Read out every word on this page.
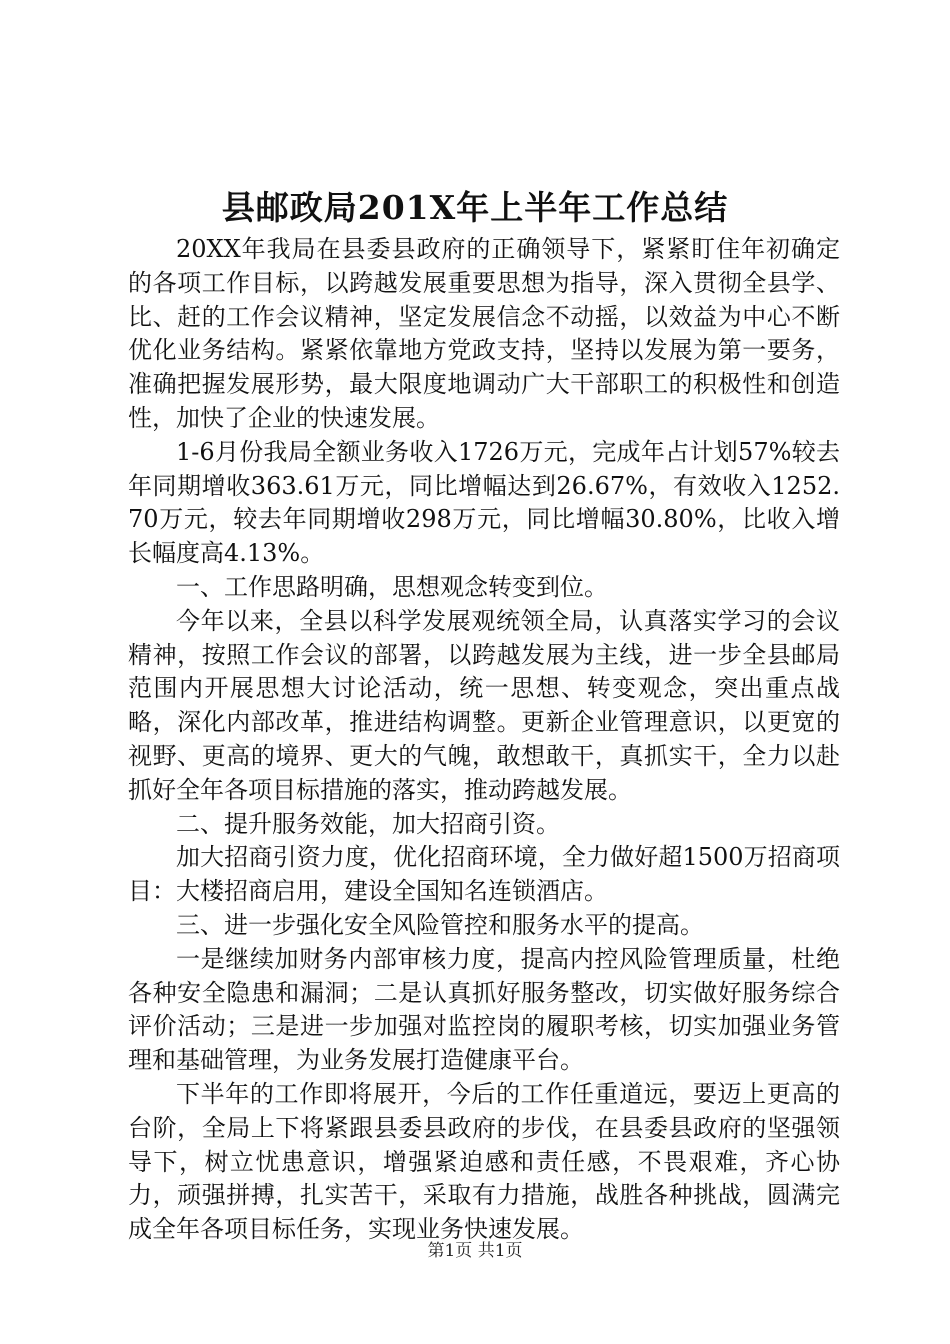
县邮政局201X年上半年工作总结

20XX年我局在县委县政府的正确领导下，紧紧盯住年初确定的各项工作目标，以跨越发展重要思想为指导，深入贯彻全县学、比、赶的工作会议精神，坚定发展信念不动摇，以效益为中心不断优化业务结构。紧紧依靠地方党政支持，坚持以发展为第一要务，准确把握发展形势，最大限度地调动广大干部职工的积极性和创造性，加快了企业的快速发展。

1-6月份我局全额业务收入1726万元，完成年占计划57%较去年同期增收363.61万元，同比增幅达到26.67%，有效收入1252.70万元，较去年同期增收298万元，同比增幅30.80%，比收入增长幅度高4.13%。

一、工作思路明确，思想观念转变到位。

今年以来，全县以科学发展观统领全局，认真落实学习的会议精神，按照工作会议的部署，以跨越发展为主线，进一步全县邮局范围内开展思想大讨论活动，统一思想、转变观念，突出重点战略，深化内部改革，推进结构调整。更新企业管理意识，以更宽的视野、更高的境界、更大的气魄，敢想敢干，真抓实干，全力以赴抓好全年各项目标措施的落实，推动跨越发展。

二、提升服务效能，加大招商引资。

加大招商引资力度，优化招商环境，全力做好超1500万招商项目：大楼招商启用，建设全国知名连锁酒店。

三、进一步强化安全风险管控和服务水平的提高。

一是继续加财务内部审核力度，提高内控风险管理质量，杜绝各种安全隐患和漏洞；二是认真抓好服务整改，切实做好服务综合评价活动；三是进一步加强对监控岗的履职考核，切实加强业务管理和基础管理，为业务发展打造健康平台。

下半年的工作即将展开，今后的工作任重道远，要迈上更高的台阶，全局上下将紧跟县委县政府的步伐，在县委县政府的坚强领导下，树立忧患意识，增强紧迫感和责任感，不畏艰难，齐心协力，顽强拼搏，扎实苦干，采取有力措施，战胜各种挑战，圆满完成全年各项目标任务，实现业务快速发展。

第1页 共1页
